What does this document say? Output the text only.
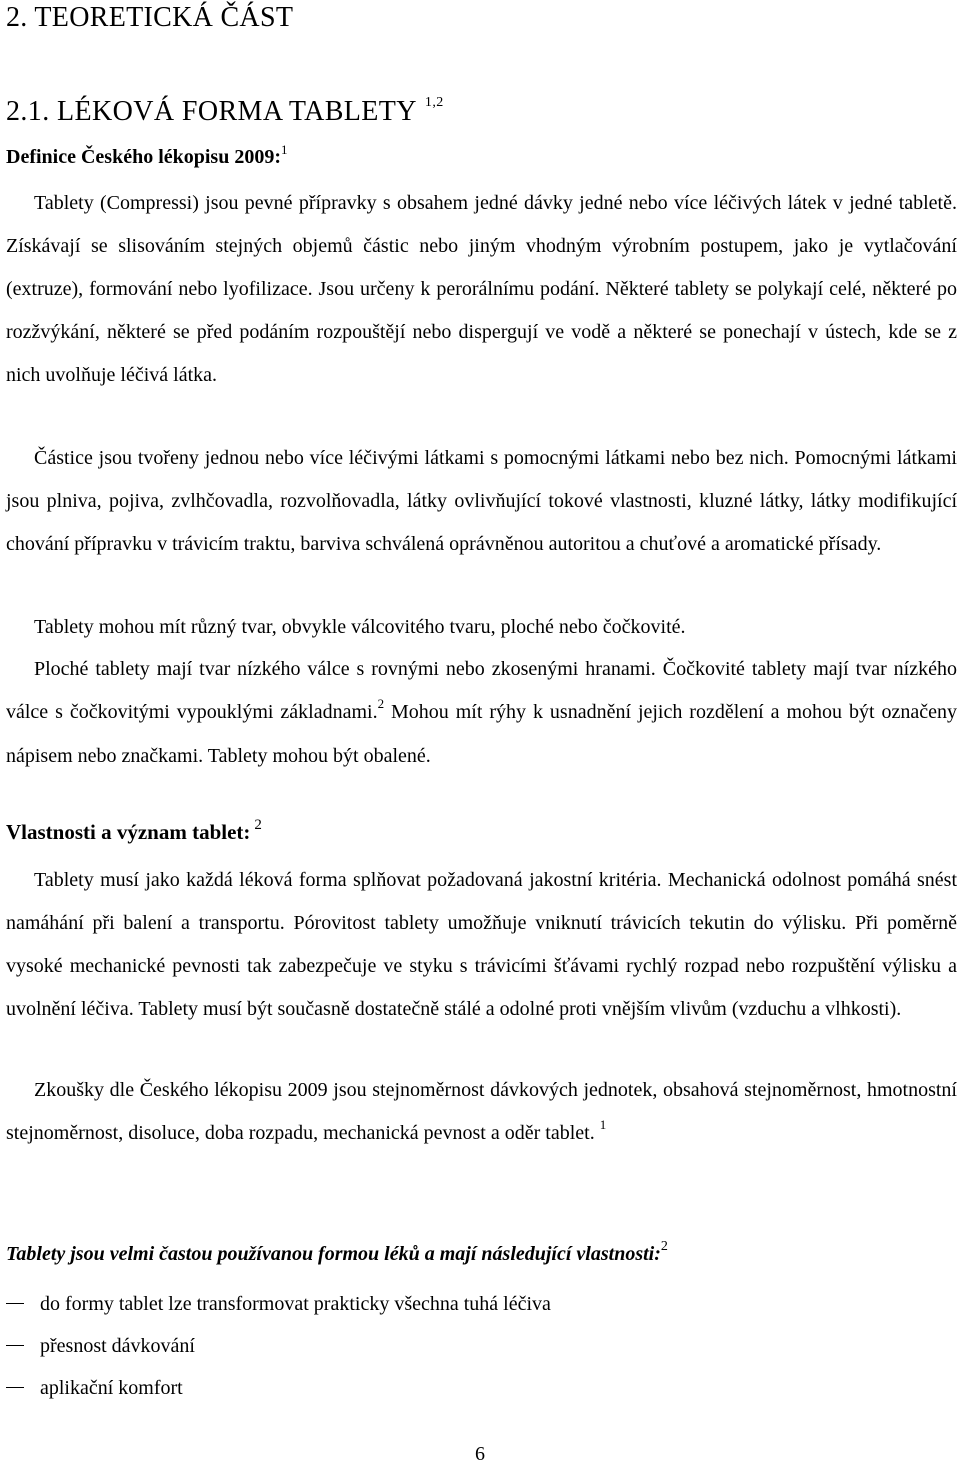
2. TEORETICKÁ ČÁST
2.1. LÉKOVÁ FORMA TABLETY $^{1,2}$
Definice Českého lékopisu 2009:$^1$

Tablety (Compressi) jsou pevné přípravky s obsahem jedné dávky jedné nebo více léčivých látek v jedné tabletě. Získávají se slisováním stejných objemů částic nebo jiným vhodným výrobním postupem, jako je vytlačování (extruze), formování nebo lyofilizace. Jsou určeny k perorálnímu podání. Některé tablety se polykají celé, některé po rozžvýkání, některé se před podáním rozpouštějí nebo dispergují ve vodě a některé se ponechají v ústech, kde se z nich uvolňuje léčivá látka.

Částice jsou tvořeny jednou nebo více léčivými látkami s pomocnými látkami nebo bez nich. Pomocnými látkami jsou plniva, pojiva, zvlhčovadla, rozvolňovadla, látky ovlivňující tokové vlastnosti, kluzné látky, látky modifikující chování přípravku v trávicím traktu, barviva schválená oprávněnou autoritou a chuťové a aromatické přísady.

Tablety mohou mít různý tvar, obvykle válcovitého tvaru, ploché nebo čočkovité.

Ploché tablety mají tvar nízkého válce s rovnými nebo zkosenými hranami. Čočkovité tablety mají tvar nízkého válce s čočkovitými vypouklými základnami.$^2$ Mohou mít rýhy k usnadnění jejich rozdělení a mohou být označeny nápisem nebo značkami. Tablety mohou být obalené.

Vlastnosti a význam tablet: $^2$

Tablety musí jako každá léková forma splňovat požadovaná jakostní kritéria. Mechanická odolnost pomáhá snést namáhání při balení a transportu. Pórovitost tablety umožňuje vniknutí trávicích tekutin do výlisku. Při poměrně vysoké mechanické pevnosti tak zabezpečuje ve styku s trávicími šťávami rychlý rozpad nebo rozpuštění výlisku a uvolnění léčiva. Tablety musí být současně dostatečně stálé a odolné proti vnějším vlivům (vzduchu a vlhkosti).

Zkoušky dle Českého lékopisu 2009 jsou stejnoměrnost dávkových jednotek, obsahová stejnoměrnost, hmotnostní stejnoměrnost, disoluce, doba rozpadu, mechanická pevnost a oděr tablet. $^1$

Tablety jsou velmi častou používanou formou léků a mají následující vlastnosti:$^2$
do formy tablet lze transformovat prakticky všechna tuhá léčiva
přesnost dávkování
aplikační komfort
6
